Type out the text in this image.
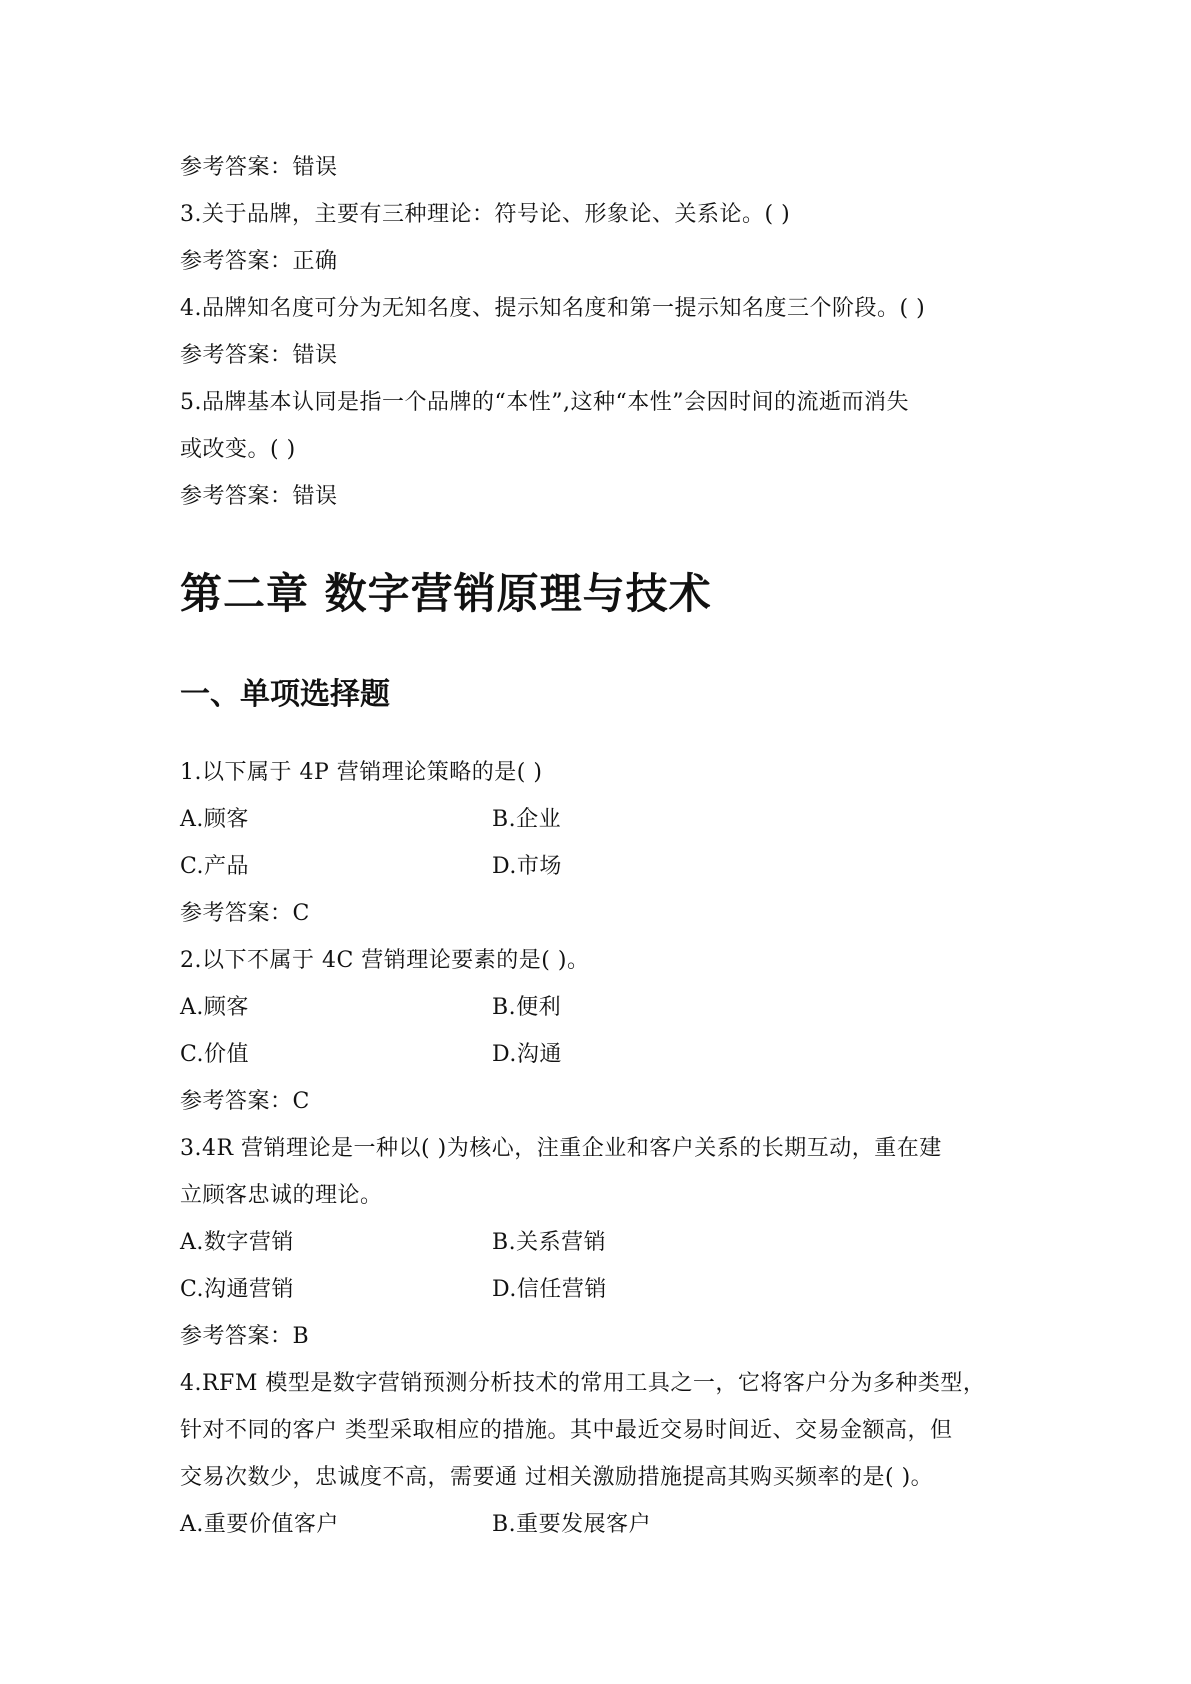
参考答案：错误
3.关于品牌，主要有三种理论：符号论、形象论、关系论。( )
参考答案：正确
4.品牌知名度可分为无知名度、提示知名度和第一提示知名度三个阶段。( )
参考答案：错误
5.品牌基本认同是指一个品牌的“本性”,这种“本性”会因时间的流逝而消失
或改变。( )
参考答案：错误
第二章 数字营销原理与技术
一、单项选择题
1.以下属于 4P 营销理论策略的是( )
A.顾客	B.企业
C.产品	D.市场
参考答案：C
2.以下不属于 4C 营销理论要素的是( )。
A.顾客	B.便利
C.价值	D.沟通
参考答案：C
3.4R 营销理论是一种以( )为核心，注重企业和客户关系的长期互动，重在建
立顾客忠诚的理论。
A.数字营销	B.关系营销
C.沟通营销	D.信任营销
参考答案：B
4.RFM 模型是数字营销预测分析技术的常用工具之一，它将客户分为多种类型，
针对不同的客户 类型采取相应的措施。其中最近交易时间近、交易金额高，但
交易次数少，忠诚度不高，需要通 过相关激励措施提高其购买频率的是( )。
A.重要价值客户	B.重要发展客户
